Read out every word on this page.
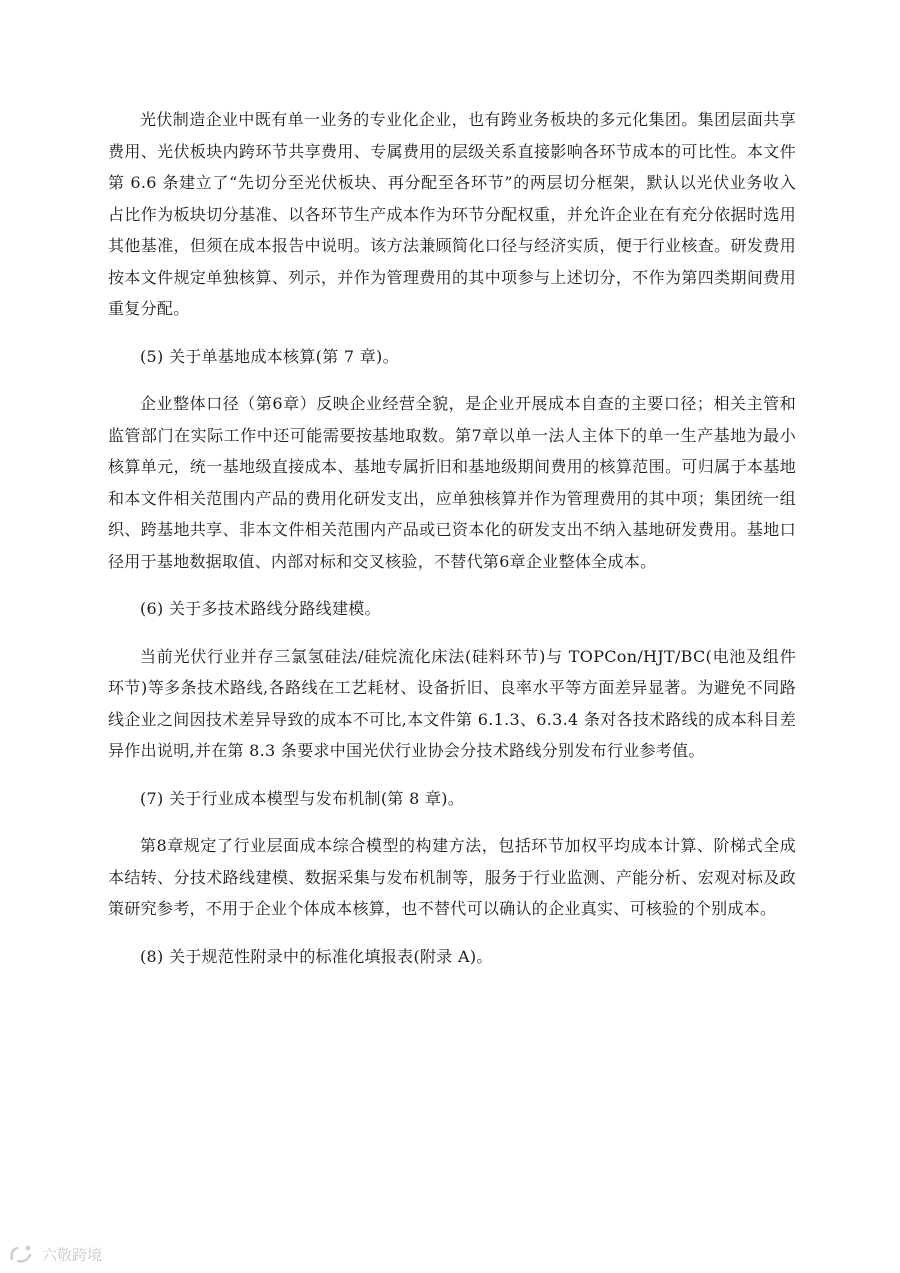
光伏制造企业中既有单一业务的专业化企业，也有跨业务板块的多元化集团。集团层面共享费用、光伏板块内跨环节共享费用、专属费用的层级关系直接影响各环节成本的可比性。本文件第 6.6 条建立了“先切分至光伏板块、再分配至各环节”的两层切分框架，默认以光伏业务收入占比作为板块切分基准、以各环节生产成本作为环节分配权重，并允许企业在有充分依据时选用其他基准，但须在成本报告中说明。该方法兼顾简化口径与经济实质，便于行业核查。研发费用按本文件规定单独核算、列示，并作为管理费用的其中项参与上述切分，不作为第四类期间费用重复分配。

(5) 关于单基地成本核算(第 7 章)。

企业整体口径（第6章）反映企业经营全貌，是企业开展成本自查的主要口径；相关主管和监管部门在实际工作中还可能需要按基地取数。第7章以单一法人主体下的单一生产基地为最小核算单元，统一基地级直接成本、基地专属折旧和基地级期间费用的核算范围。可归属于本基地和本文件相关范围内产品的费用化研发支出，应单独核算并作为管理费用的其中项；集团统一组织、跨基地共享、非本文件相关范围内产品或已资本化的研发支出不纳入基地研发费用。基地口径用于基地数据取值、内部对标和交叉核验，不替代第6章企业整体全成本。

(6) 关于多技术路线分路线建模。

当前光伏行业并存三氯氢硅法/硅烷流化床法(硅料环节)与 TOPCon/HJT/BC(电池及组件环节)等多条技术路线,各路线在工艺耗材、设备折旧、良率水平等方面差异显著。为避免不同路线企业之间因技术差异导致的成本不可比,本文件第 6.1.3、6.3.4 条对各技术路线的成本科目差异作出说明,并在第 8.3 条要求中国光伏行业协会分技术路线分别发布行业参考值。

(7) 关于行业成本模型与发布机制(第 8 章)。

第8章规定了行业层面成本综合模型的构建方法，包括环节加权平均成本计算、阶梯式全成本结转、分技术路线建模、数据采集与发布机制等，服务于行业监测、产能分析、宏观对标及政策研究参考，不用于企业个体成本核算，也不替代可以确认的企业真实、可核验的个别成本。

(8) 关于规范性附录中的标准化填报表(附录 A)。

六敬跨境
